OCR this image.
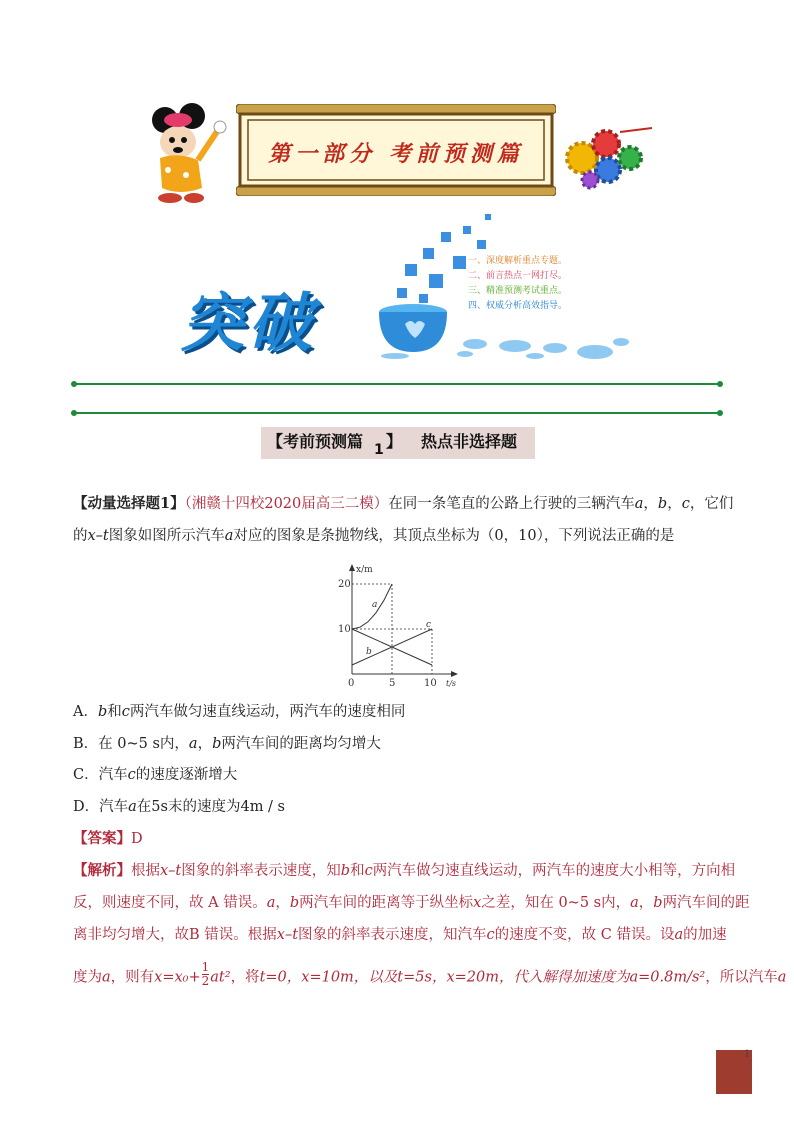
第一部分 考前预测篇
突破
一、深度解析重点专题。
二、前言热点一网打尽。
三、精准预测考试重点。
四、权威分析高效指导。
【考前预测篇 1 】 热点非选择题
【动量选择题1】（湘赣十四校2020届高三二模）在同一条笔直的公路上行驶的三辆汽车a，b，c，它们
的x–t图象如图所示汽车a对应的图象是条抛物线，其顶点坐标为（0，10），下列说法正确的是
x/m
t/s
20
10
0	5	10
a
b
c
A．b和c两汽车做匀速直线运动，两汽车的速度相同
B．在 0~5 s内，a，b两汽车间的距离均匀增大
C．汽车c的速度逐渐增大
D．汽车a在5s末的速度为4m / s
【答案】D
【解析】根据x–t图象的斜率表示速度，知b和c两汽车做匀速直线运动，两汽车的速度大小相等，方向相
反，则速度不同，故 A 错误。a，b两汽车间的距离等于纵坐标x之差，知在 0~5 s内，a，b两汽车间的距
离非均匀增大，故B 错误。根据x–t图象的斜率表示速度，知汽车c的速度不变，故 C 错误。设a的加速
度为a，则有$x=x_0+ \frac{1}{2} at^2$，将t=0，x=10m，以及t=5s，x=20m，代入解得加速度为a=0.8m/s²，所以汽车a
1
